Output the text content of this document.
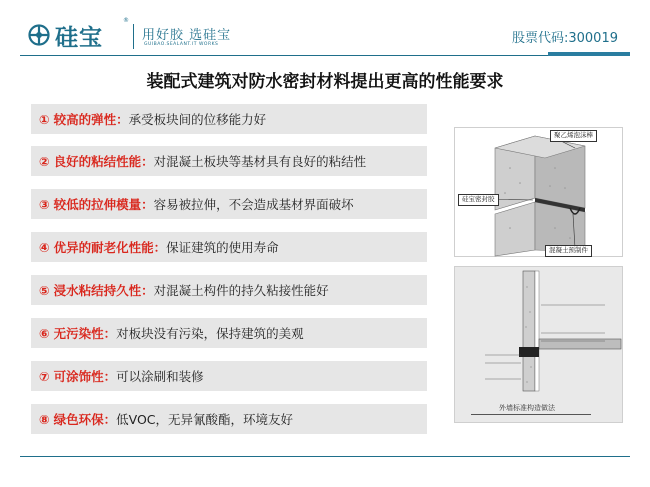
硅宝
®
用好胶 选硅宝
GUIBAO.SEALANT.IT WORKS	股票代码:300019
装配式建筑对防水密封材料提出更高的性能要求
① 较高的弹性： 承受板块间的位移能力好
② 良好的粘结性能： 对混凝土板块等基材具有良好的粘结性
③ 较低的拉伸模量： 容易被拉伸，不会造成基材界面破坏
④ 优异的耐老化性能： 保证建筑的使用寿命
⑤ 浸水粘结持久性： 对混凝土构件的持久粘接性能好
⑥ 无污染性： 对板块没有污染，保持建筑的美观
⑦ 可涂饰性： 可以涂刷和装修
⑧ 绿色环保： 低VOC，无异氰酸酯，环境友好
聚乙烯泡沫棒
硅宝密封胶
混凝土预制件
外墙标准构造做法
